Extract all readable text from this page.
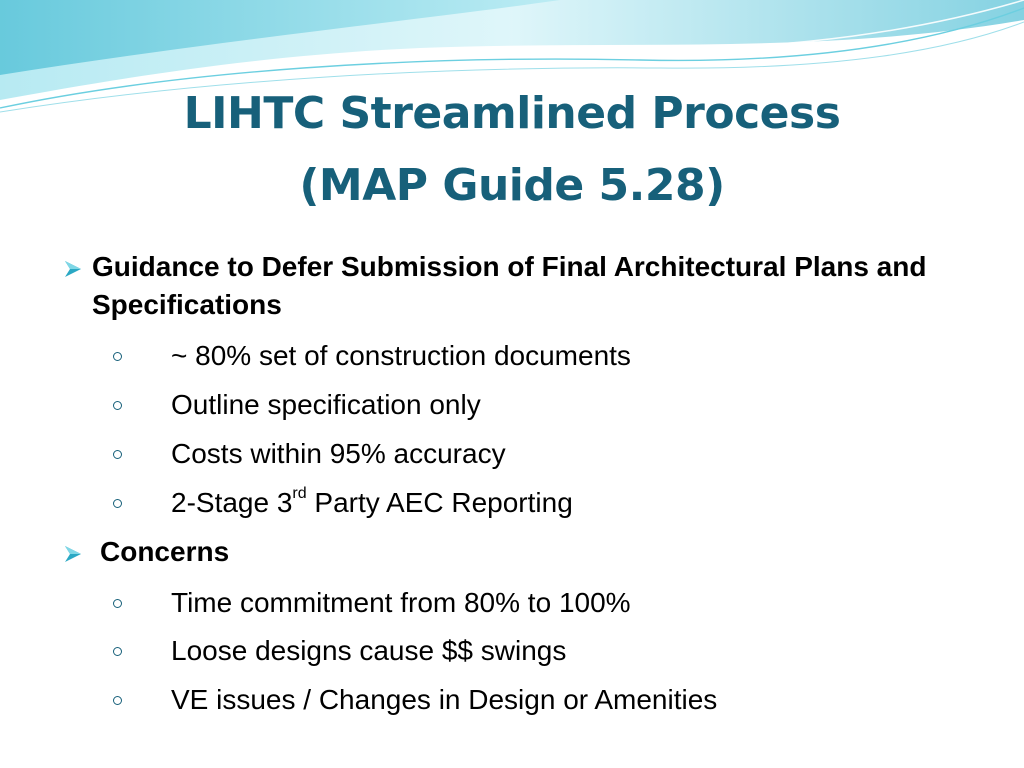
LIHTC Streamlined Process
(MAP Guide 5.28)
Guidance to Defer Submission of Final Architectural Plans and Specifications
~ 80% set of construction documents
Outline specification only
Costs within 95% accuracy
2-Stage 3rd Party AEC Reporting
Concerns
Time commitment from 80% to 100%
Loose designs cause $$ swings
VE issues / Changes in Design or Amenities
